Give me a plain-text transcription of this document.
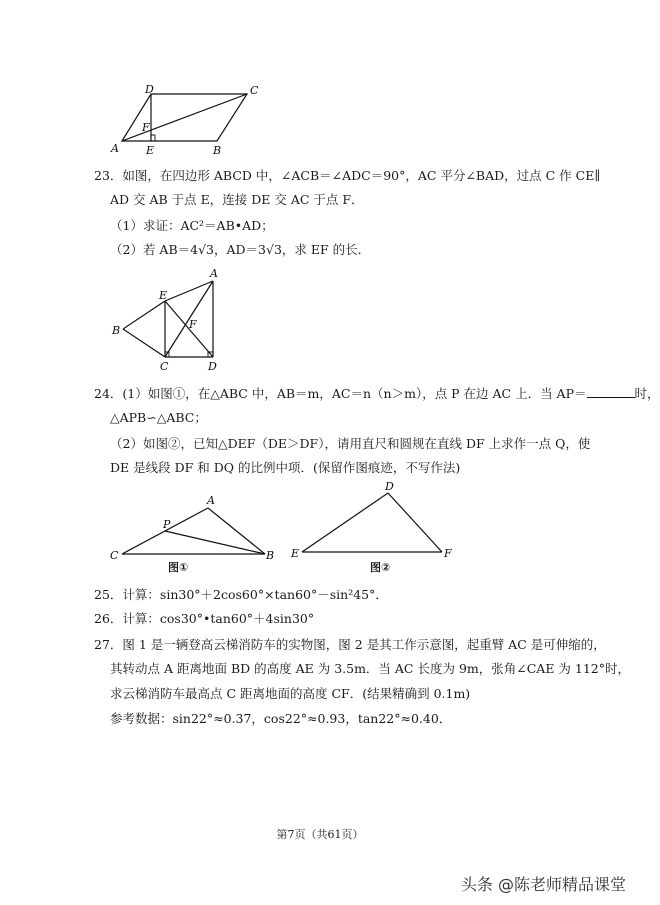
D	C
F
A E	B
23．如图，在四边形 ABCD 中，∠ACB＝∠ADC＝90°，AC 平分∠BAD，过点 C 作 CE∥
AD 交 AB 于点 E，连接 DE 交 AC 于点 F．
（1）求证：AC²＝AB•AD；
（2）若 AB＝4√3，AD＝3√3，求 EF 的长．
A
E
F
B
C	D
24．(1）如图①，在△ABC 中，AB＝m，AC＝n（n＞m），点 P 在边 AC 上．当 AP＝	时，
△APB∽△ABC；
（2）如图②，已知△DEF（DE＞DF），请用直尺和圆规在直线 DF 上求作一点 Q，使
DE 是线段 DF 和 DQ 的比例中项．(保留作图痕迹，不写作法)
A
P
C	B
图①
D
E	F
图②
25．计算：sin30°＋2cos60°×tan60°－sin²45°．
26．计算：cos30°•tan60°＋4sin30°
27．图 1 是一辆登高云梯消防车的实物图，图 2 是其工作示意图，起重臂 AC 是可伸缩的，
其转动点 A 距离地面 BD 的高度 AE 为 3.5m．当 AC 长度为 9m，张角∠CAE 为 112°时，
求云梯消防车最高点 C 距离地面的高度 CF．(结果精确到 0.1m)
参考数据：sin22°≈0.37，cos22°≈0.93，tan22°≈0.40．
第7页（共61页）
头条 @陈老师精品课堂
